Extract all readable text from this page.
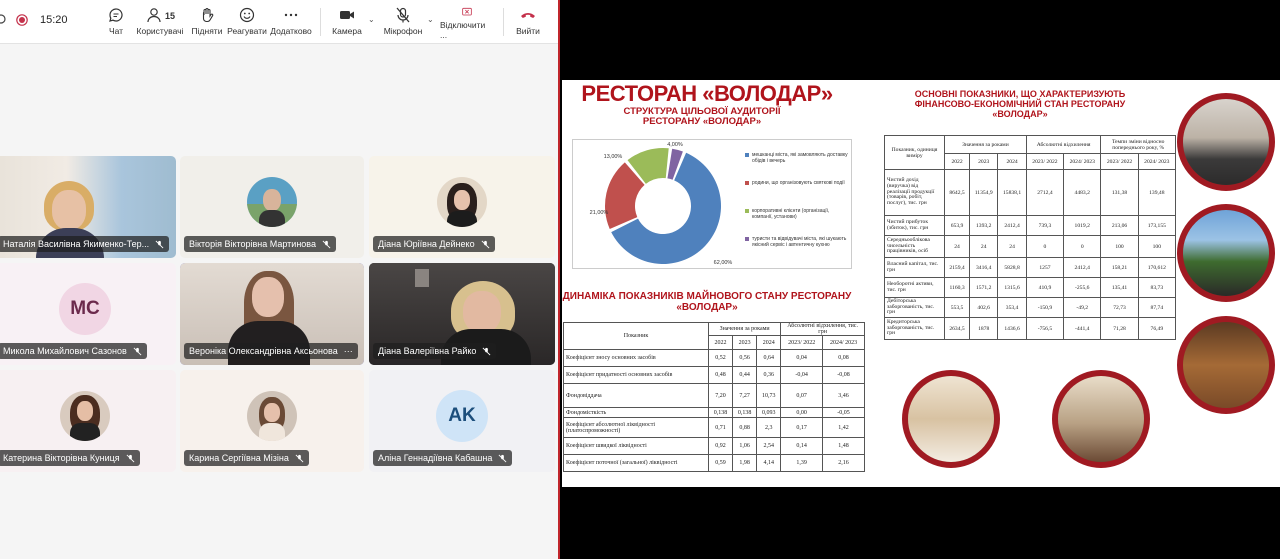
15:20
Чат
15
Користувачі Підняти Реагувати Додатково Камера
⌄
Мікрофон
⌄
Відключити ...	Вийти
Наталія Василівна Якименко-Тер...	Вікторія Вікторівна Мартинова	Діана Юріївна Дейнеко
MC
Микола Михайлович Сазонов	Вероніка Олександрівна Аксьонова ···	Діана Валеріївна Райко
Катерина Вікторівна Куниця	Карина Сергіївна Мізіна
AK
Аліна Геннадіївна Кабашна
РЕСТОРАН «ВОЛОДАР»
СТРУКТУРА ЦІЛЬОВОЇ АУДИТОРІЇ РЕСТОРАНУ «ВОЛОДАР»
62,00%
21,00%
13,00%
4,00%
мешканці міста, які замовляють доставку обідів і вечерь
родини, що організовують святкові події
корпоративні клієнти (організації, компанії, установи)
туристи та відвідувачі міста, які шукають якісний сервіс і автентичну кухню
ДИНАМІКА ПОКАЗНИКІВ МАЙНОВОГО СТАНУ РЕСТОРАНУ «ВОЛОДАР»
Показник	Значення за роками			Абсолютні відхилення, тис. грн	
	2022	2023	2024	2023/ 2022	2024/ 2023
Коефіцієнт зносу основних засобів	0,52	0,56	0,64	0,04	0,08
Коефіцієнт придатності основних засобів	0,48	0,44	0,36	-0,04	-0,08
Фондовіддача	7,20	7,27	10,73	0,07	3,46
Фондомісткість	0,138	0,138	0,093	0,00	-0,05
Коефіцієнт абсолютної ліквідності (платоспроможності)	0,71	0,88	2,3	0,17	1,42
Коефіцієнт швидкої ліквідності	0,92	1,06	2,54	0,14	1,48
Коефіцієнт поточної (загальної) ліквідності	0,59	1,98	4,14	1,39	2,16
ОСНОВНІ ПОКАЗНИКИ, ЩО ХАРАКТЕРИЗУЮТЬ ФІНАНСОВО-ЕКОНОМІЧНИЙ СТАН РЕСТОРАНУ «ВОЛОДАР»
Показник, одиниця виміру	Значення за роками			Абсолютні відхилення		Темпи зміни відносно попереднього року, %	
	2022	2023	2024	2023/ 2022	2024/ 2023	2023/ 2022	2024/ 2023
Чистий дохід (виручка) від реалізації продукції (товарів, робіт, послуг), тис. грн	8642,5	11354,9	15838,1	2712,4	4483,2	131,38	139,48
Чистий прибуток (збиток), тис. грн	653,9	1393,2	2412,4	739,3	1019,2	213,06	173,155
Середньооблікова чисельність працівників, осіб	24	24	24	0	0	100	100
Власний капітал, тис. грн	2159,4	3416,4	5828,8	1257	2412,4	158,21	170,612
Необоротні активи, тис. грн	1160,3	1571,2	1315,6	410,9	-255,6	135,41	83,73
Дебіторська заборгованість, тис. грн	553,5	402,6	353,4	-150,9	-49,2	72,73	87,74
Кредиторська заборгованість, тис. грн	2634,5	1878	1436,6	-756,5	-441,4	71,28	76,49
